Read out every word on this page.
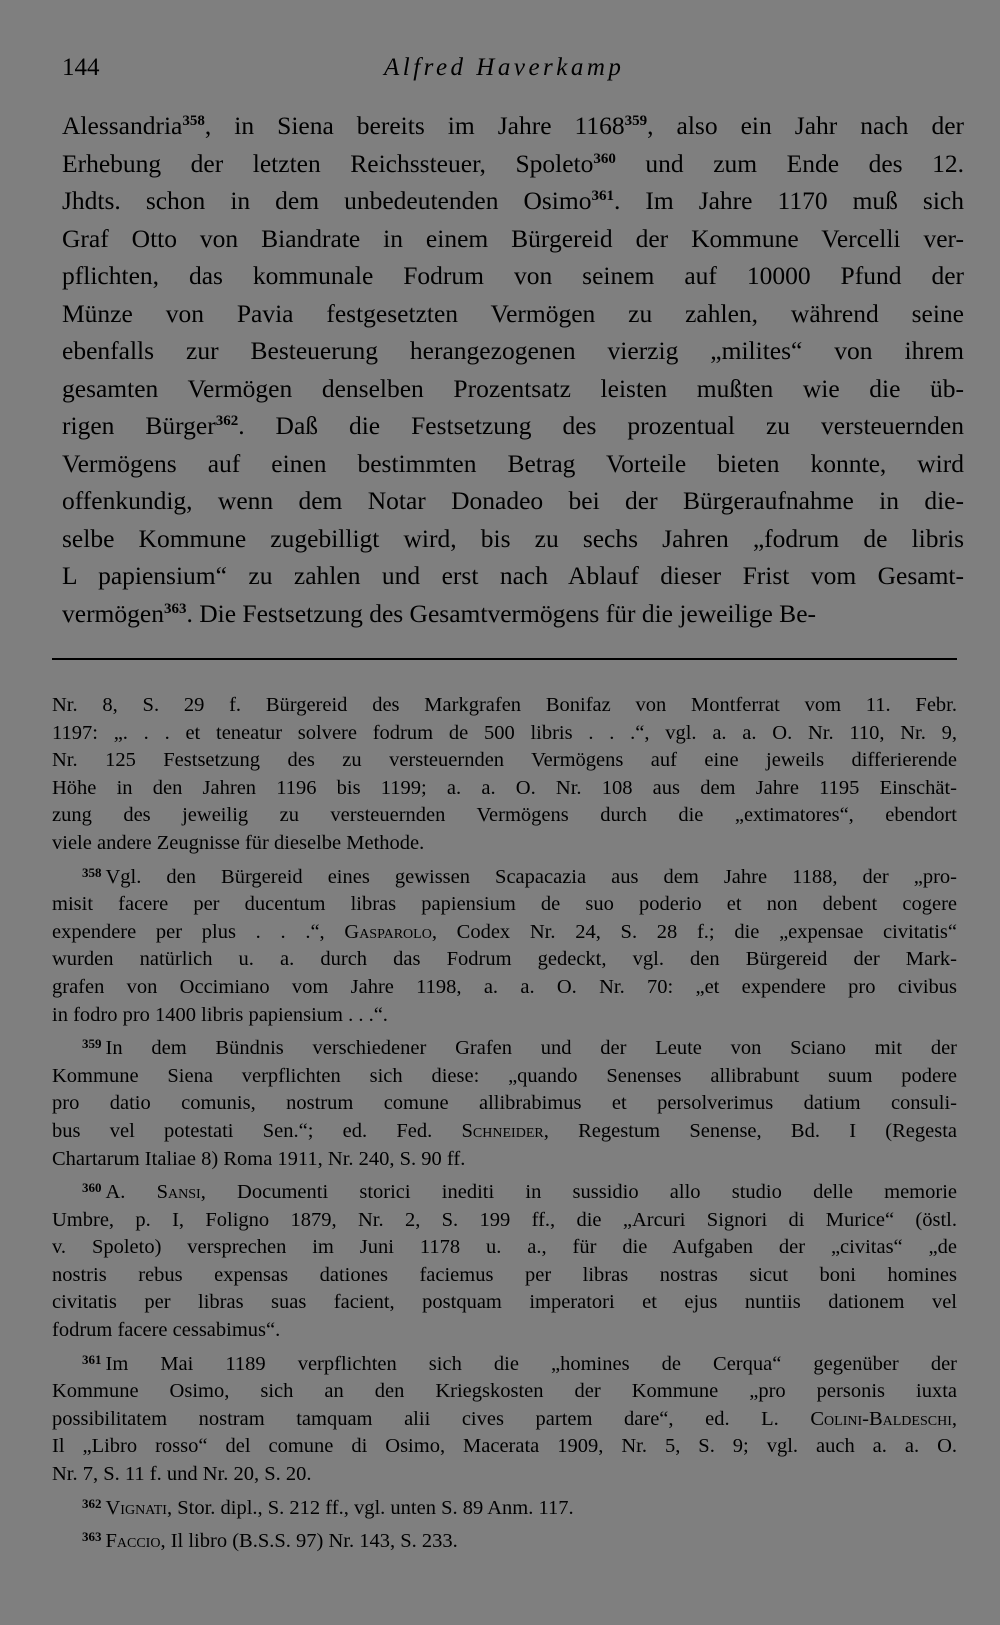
144	Alfred Haverkamp
Alessandria$^{358}$, in Siena bereits im Jahre 1168$^{359}$, also ein Jahr nach der
Erhebung der letzten Reichssteuer, Spoleto$^{360}$ und zum Ende des 12.
Jhdts. schon in dem unbedeutenden Osimo$^{361}$. Im Jahre 1170 muß sich
Graf Otto von Biandrate in einem Bürgereid der Kommune Vercelli ver-
pflichten, das kommunale Fodrum von seinem auf 10000 Pfund der
Münze von Pavia festgesetzten Vermögen zu zahlen, während seine
ebenfalls zur Besteuerung herangezogenen vierzig „milites“ von ihrem
gesamten Vermögen denselben Prozentsatz leisten mußten wie die üb-
rigen Bürger$^{362}$. Daß die Festsetzung des prozentual zu versteuernden
Vermögens auf einen bestimmten Betrag Vorteile bieten konnte, wird
offenkundig, wenn dem Notar Donadeo bei der Bürgeraufnahme in die-
selbe Kommune zugebilligt wird, bis zu sechs Jahren „fodrum de libris
L papiensium“ zu zahlen und erst nach Ablauf dieser Frist vom Gesamt-
vermögen$^{363}$. Die Festsetzung des Gesamtvermögens für die jeweilige Be-
Nr. 8, S. 29 f. Bürgereid des Markgrafen Bonifaz von Montferrat vom 11. Febr.
1197: „. . . et teneatur solvere fodrum de 500 libris . . .“, vgl. a. a. O. Nr. 110, Nr. 9,
Nr. 125 Festsetzung des zu versteuernden Vermögens auf eine jeweils differierende
Höhe in den Jahren 1196 bis 1199; a. a. O. Nr. 108 aus dem Jahre 1195 Einschät-
zung des jeweilig zu versteuernden Vermögens durch die „extimatores“, ebendort
viele andere Zeugnisse für dieselbe Methode.
$^{358}$ Vgl. den Bürgereid eines gewissen Scapacazia aus dem Jahre 1188, der „pro-
misit facere per ducentum libras papiensium de suo poderio et non debent cogere
expendere per plus . . .“, Gasparolo, Codex Nr. 24, S. 28 f.; die „expensae civitatis“
wurden natürlich u. a. durch das Fodrum gedeckt, vgl. den Bürgereid der Mark-
grafen von Occimiano vom Jahre 1198, a. a. O. Nr. 70: „et expendere pro civibus
in fodro pro 1400 libris papiensium . . .“.
$^{359}$ In dem Bündnis verschiedener Grafen und der Leute von Sciano mit der
Kommune Siena verpflichten sich diese: „quando Senenses allibrabunt suum podere
pro datio comunis, nostrum comune allibrabimus et persolverimus datium consuli-
bus vel potestati Sen.“; ed. Fed. Schneider, Regestum Senense, Bd. I (Regesta
Chartarum Italiae 8) Roma 1911, Nr. 240, S. 90 ff.
$^{360}$ A. Sansi, Documenti storici inediti in sussidio allo studio delle memorie
Umbre, p. I, Foligno 1879, Nr. 2, S. 199 ff., die „Arcuri Signori di Murice“ (östl.
v. Spoleto) versprechen im Juni 1178 u. a., für die Aufgaben der „civitas“ „de
nostris rebus expensas dationes faciemus per libras nostras sicut boni homines
civitatis per libras suas facient, postquam imperatori et ejus nuntiis dationem vel
fodrum facere cessabimus“.
$^{361}$ Im Mai 1189 verpflichten sich die „homines de Cerqua“ gegenüber der
Kommune Osimo, sich an den Kriegskosten der Kommune „pro personis iuxta
possibilitatem nostram tamquam alii cives partem dare“, ed. L. Colini-Baldeschi,
Il „Libro rosso“ del comune di Osimo, Macerata 1909, Nr. 5, S. 9; vgl. auch a. a. O.
Nr. 7, S. 11 f. und Nr. 20, S. 20.
$^{362}$ Vignati, Stor. dipl., S. 212 ff., vgl. unten S. 89 Anm. 117.
$^{363}$ Faccio, Il libro (B.S.S. 97) Nr. 143, S. 233.
